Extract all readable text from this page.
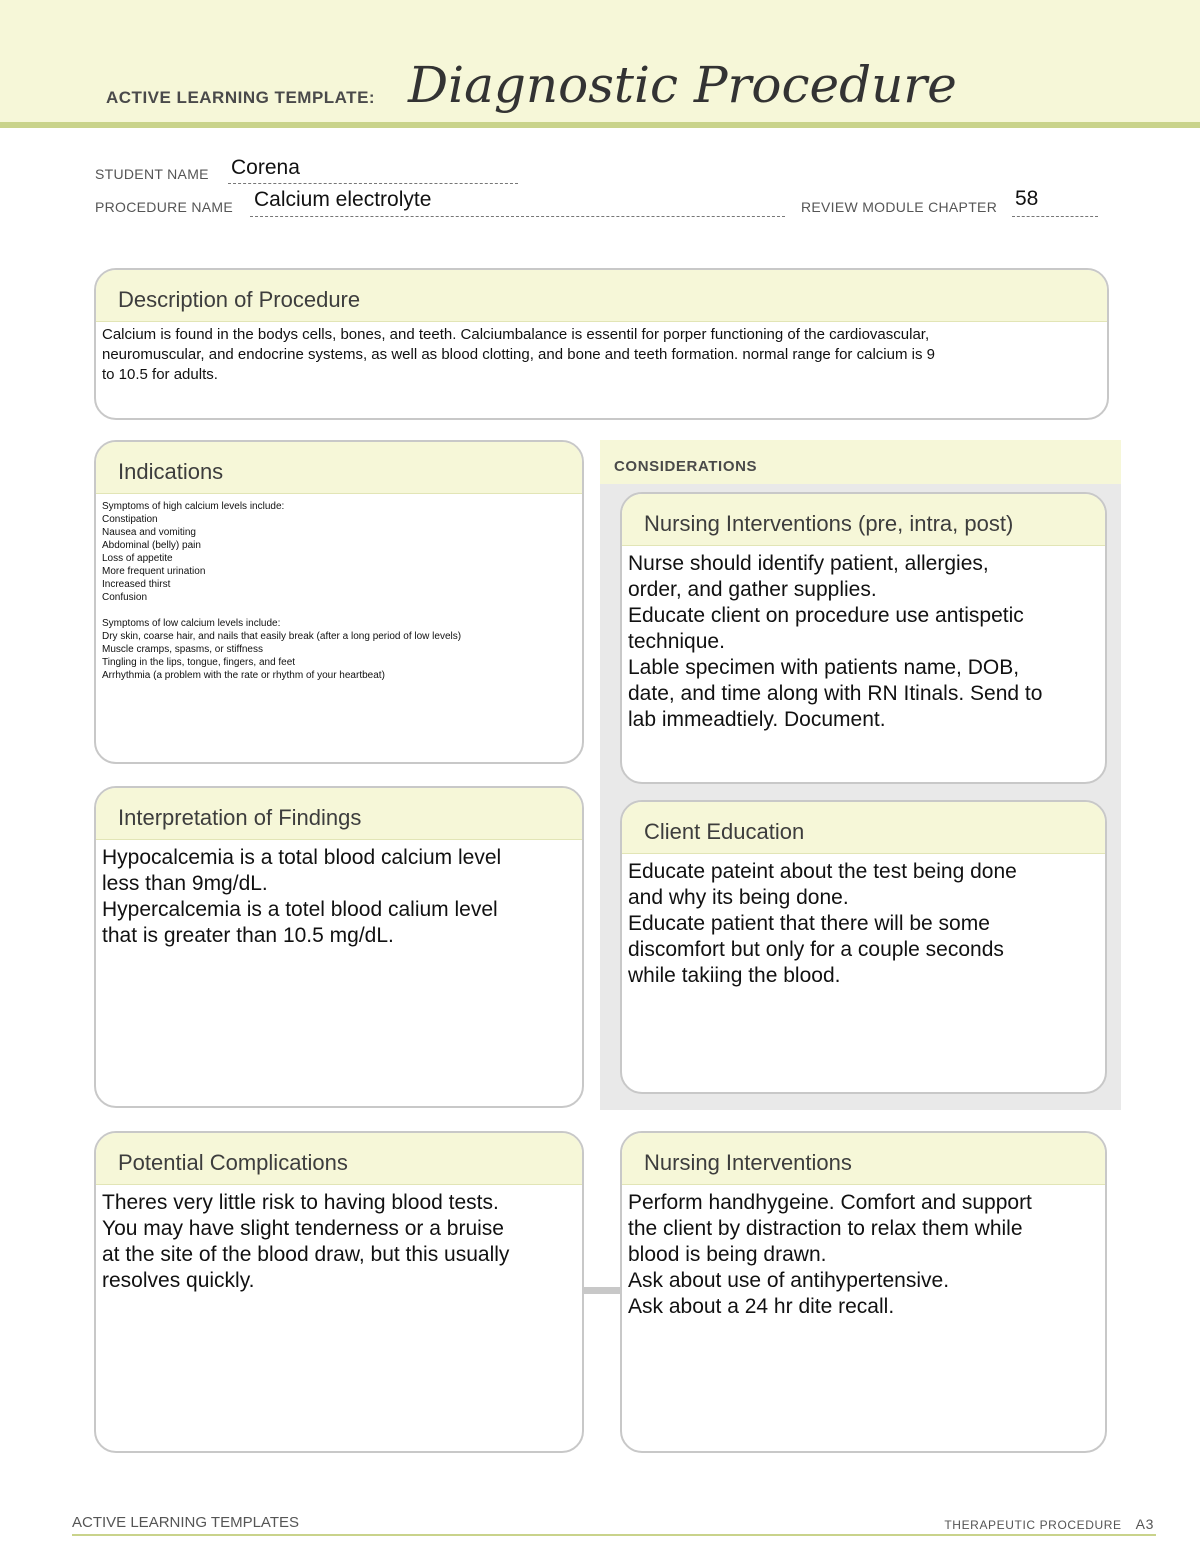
ACTIVE LEARNING TEMPLATE: Diagnostic Procedure
STUDENT NAME Corena
PROCEDURE NAME Calcium electrolyte	REVIEW MODULE CHAPTER 58
Description of Procedure
Calcium is found in the bodys cells, bones, and teeth. Calciumbalance is essentil for porper functioning of the cardiovascular,
neuromuscular, and endocrine systems, as well as blood clotting, and bone and teeth formation. normal range for calcium is 9
to 10.5 for adults.
CONSIDERATIONS
Indications
Symptoms of high calcium levels include:
Constipation
Nausea and vomiting
Abdominal (belly) pain
Loss of appetite
More frequent urination
Increased thirst
Confusion
Symptoms of low calcium levels include:
Dry skin, coarse hair, and nails that easily break (after a long period of low levels)
Muscle cramps, spasms, or stiffness
Tingling in the lips, tongue, fingers, and feet
Arrhythmia (a problem with the rate or rhythm of your heartbeat)
Nursing Interventions (pre, intra, post)
Nurse should identify patient, allergies,
order, and gather supplies.
Educate client on procedure use antispetic
technique.
Lable specimen with patients name, DOB,
date, and time along with RN Itinals. Send to
lab immeadtiely. Document.
Interpretation of Findings
Hypocalcemia is a total blood calcium level
less than 9mg/dL.
Hypercalcemia is a totel blood calium level
that is greater than 10.5 mg/dL.
Client Education
Educate pateint about the test being done
and why its being done.
Educate patient that there will be some
discomfort but only for a couple seconds
while takiing the blood.
Potential Complications
Theres very little risk to having blood tests.
You may have slight tenderness or a bruise
at the site of the blood draw, but this usually
resolves quickly.
Nursing Interventions
Perform handhygeine. Comfort and support
the client by distraction to relax them while
blood is being drawn.
Ask about use of antihypertensive.
Ask about a 24 hr dite recall.
ACTIVE LEARNING TEMPLATES	THERAPEUTIC PROCEDURE A3
